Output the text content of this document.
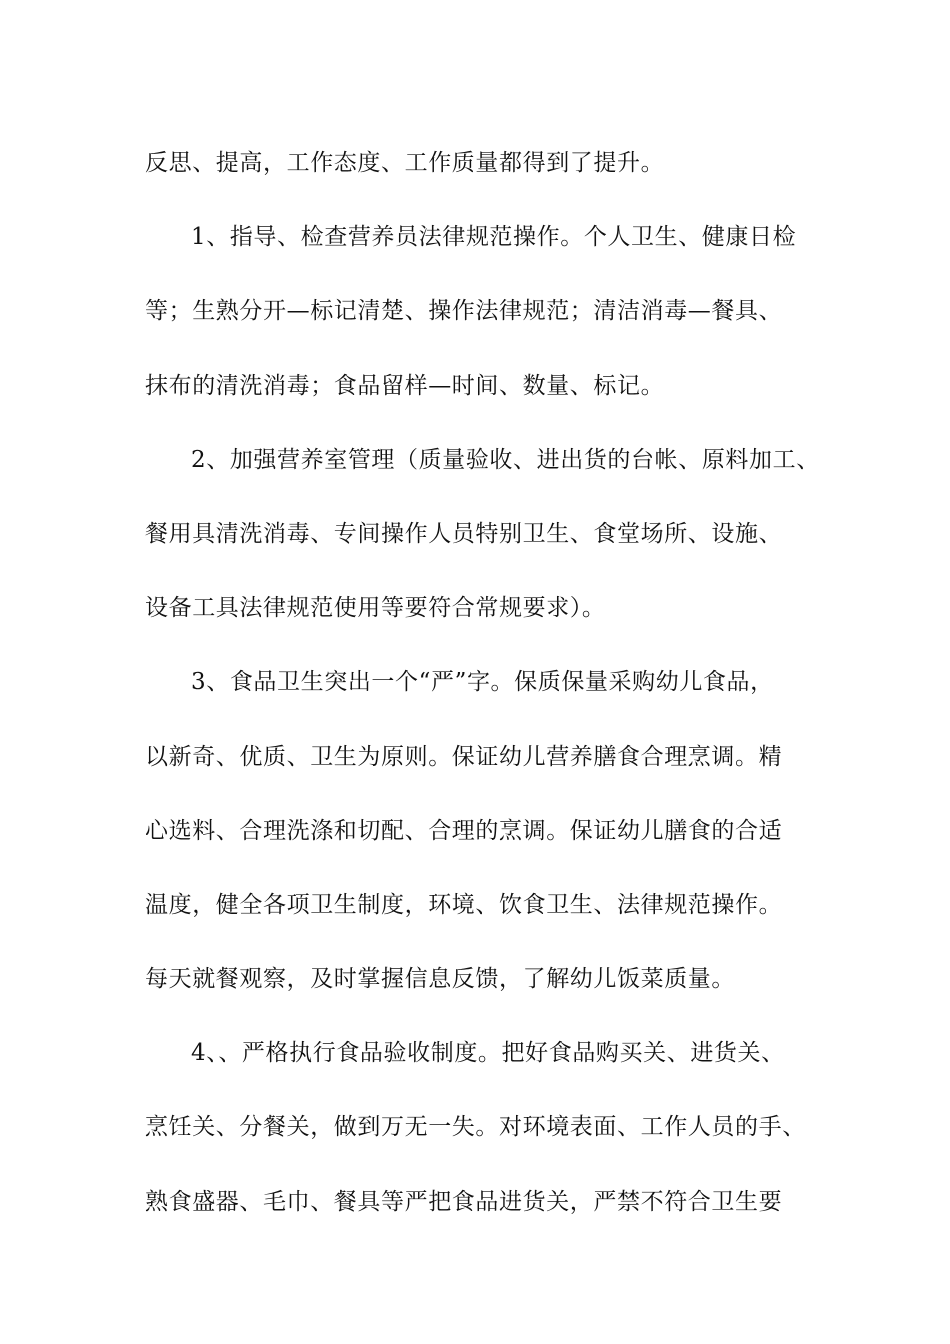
反思、提高，工作态度、工作质量都得到了提升。

1、指导、检查营养员法律规范操作。个人卫生、健康日检
等；生熟分开—标记清楚、操作法律规范；清洁消毒—餐具、
抹布的清洗消毒；食品留样—时间、数量、标记。

2、加强营养室管理（质量验收、进出货的台帐、原料加工、
餐用具清洗消毒、专间操作人员特别卫生、食堂场所、设施、
设备工具法律规范使用等要符合常规要求）。

3、食品卫生突出一个“严”字。保质保量采购幼儿食品，
以新奇、优质、卫生为原则。保证幼儿营养膳食合理烹调。精
心选料、合理洗涤和切配、合理的烹调。保证幼儿膳食的合适
温度，健全各项卫生制度，环境、饮食卫生、法律规范操作。
每天就餐观察，及时掌握信息反馈，了解幼儿饭菜质量。

4、、严格执行食品验收制度。把好食品购买关、进货关、
烹饪关、分餐关，做到万无一失。对环境表面、工作人员的手、
熟食盛器、毛巾、餐具等严把食品进货关，严禁不符合卫生要
